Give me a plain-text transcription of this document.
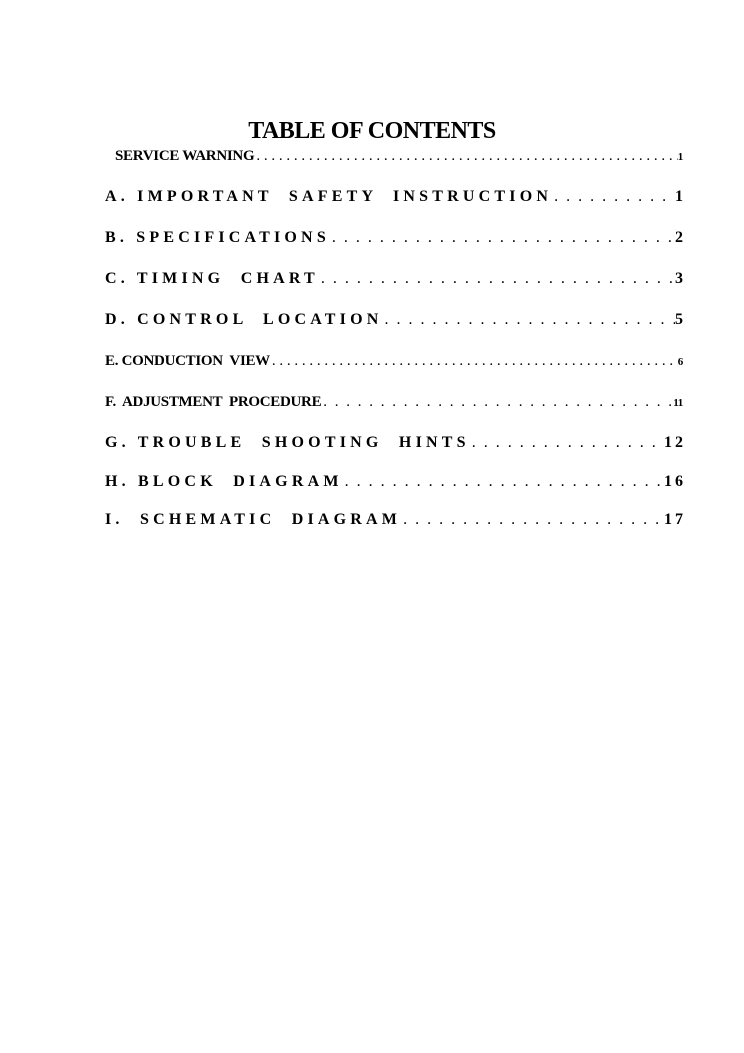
TABLE OF CONTENTS
SERVICE WARNING . . .	1
A. IMPORTANT  SAFETY  INSTRUCTION . . .	1
B. SPECIFICATIONS . . .	2
C. TIMING  CHART . . .	3
D. CONTROL  LOCATION . . .	5
E. CONDUCTION  VIEW . . .	6
F.  ADJUSTMENT  PROCEDURE . . .	11
G. TROUBLE  SHOOTING  HINTS . . .	12
H. BLOCK  DIAGRAM . . .	16
I.  SCHEMATIC  DIAGRAM . . .	17
